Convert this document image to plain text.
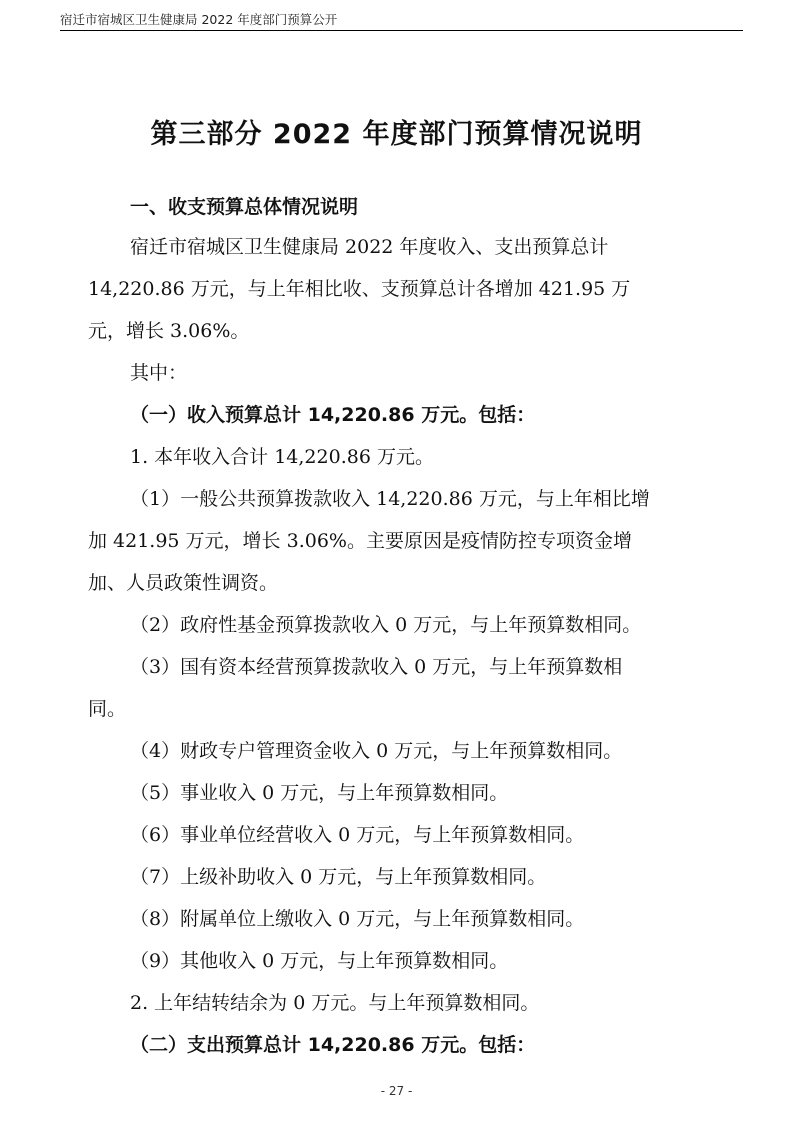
宿迁市宿城区卫生健康局 2022 年度部门预算公开
第三部分 2022 年度部门预算情况说明
一、收支预算总体情况说明
宿迁市宿城区卫生健康局 2022 年度收入、支出预算总计
14,220.86 万元，与上年相比收、支预算总计各增加 421.95 万
元，增长 3.06%。
其中：
（一）收入预算总计 14,220.86 万元。包括：
1. 本年收入合计 14,220.86 万元。
（1）一般公共预算拨款收入 14,220.86 万元，与上年相比增
加 421.95 万元，增长 3.06%。主要原因是疫情防控专项资金增
加、人员政策性调资。
（2）政府性基金预算拨款收入 0 万元，与上年预算数相同。
（3）国有资本经营预算拨款收入 0 万元，与上年预算数相
同。
（4）财政专户管理资金收入 0 万元，与上年预算数相同。
（5）事业收入 0 万元，与上年预算数相同。
（6）事业单位经营收入 0 万元，与上年预算数相同。
（7）上级补助收入 0 万元，与上年预算数相同。
（8）附属单位上缴收入 0 万元，与上年预算数相同。
（9）其他收入 0 万元，与上年预算数相同。
2. 上年结转结余为 0 万元。与上年预算数相同。
（二）支出预算总计 14,220.86 万元。包括：
- 27 -
